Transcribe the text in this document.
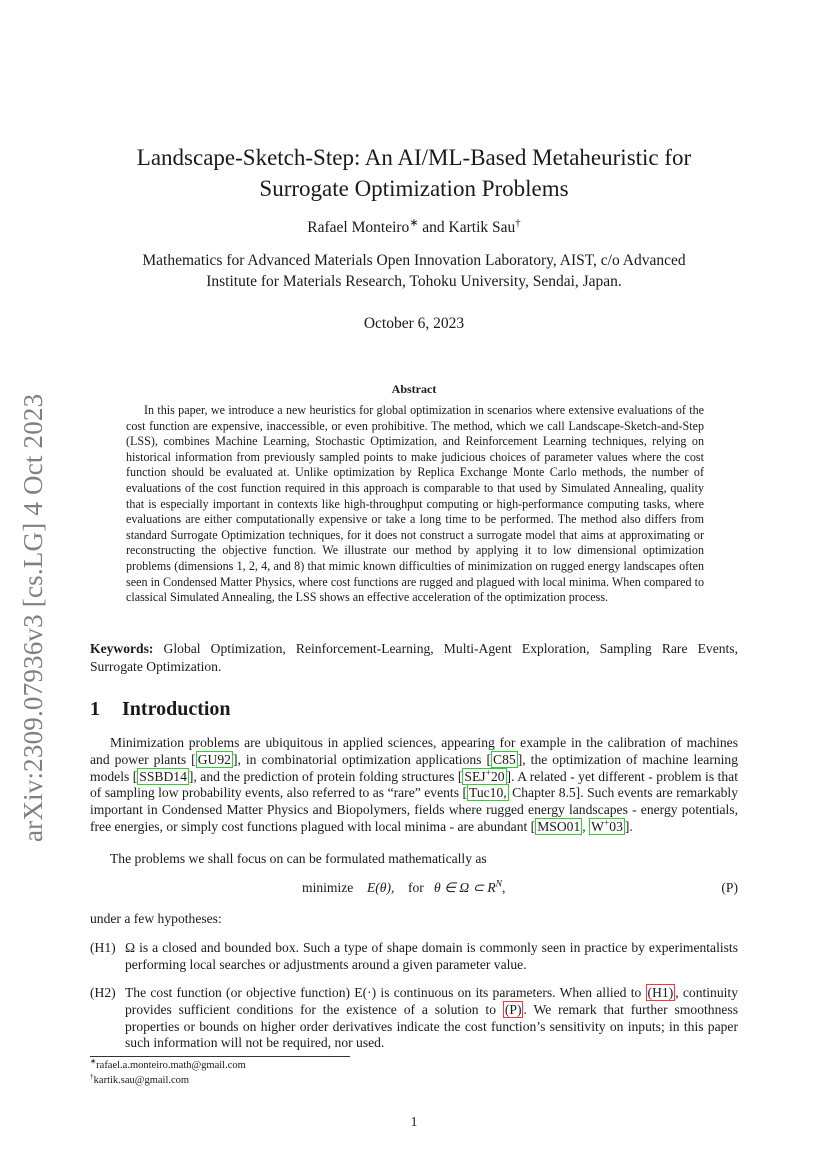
arXiv:2309.07936v3 [cs.LG] 4 Oct 2023
Landscape-Sketch-Step: An AI/ML-Based Metaheuristic for
Surrogate Optimization Problems
Rafael Monteiro∗ and Kartik Sau†
Mathematics for Advanced Materials Open Innovation Laboratory, AIST, c/o Advanced
Institute for Materials Research, Tohoku University, Sendai, Japan.
October 6, 2023
Abstract
In this paper, we introduce a new heuristics for global optimization in scenarios where extensive evaluations of the cost function are expensive, inaccessible, or even prohibitive. The method, which we call Landscape-Sketch-and-Step (LSS), combines Machine Learning, Stochastic Optimization, and Reinforcement Learning techniques, relying on historical information from previously sampled points to make judicious choices of parameter values where the cost function should be evaluated at. Unlike optimization by Replica Exchange Monte Carlo methods, the number of evaluations of the cost function required in this approach is comparable to that used by Simulated Annealing, quality that is especially important in contexts like high-throughput computing or high-performance computing tasks, where evaluations are either computationally expensive or take a long time to be performed. The method also differs from standard Surrogate Optimization techniques, for it does not construct a surrogate model that aims at approximating or reconstructing the objective function. We illustrate our method by applying it to low dimensional optimization problems (dimensions 1, 2, 4, and 8) that mimic known difficulties of minimization on rugged energy landscapes often seen in Condensed Matter Physics, where cost functions are rugged and plagued with local minima. When compared to classical Simulated Annealing, the LSS shows an effective acceleration of the optimization process.
Keywords: Global Optimization, Reinforcement-Learning, Multi-Agent Exploration, Sampling Rare Events, Surrogate Optimization.
1 Introduction
Minimization problems are ubiquitous in applied sciences, appearing for example in the calibration of machines and power plants [ GU92 ], in combinatorial optimization applications [ C85 ], the optimization of machine learning models [ SSBD14 ], and the prediction of protein folding structures [ SEJ+20 ]. A related - yet different - problem is that of sampling low probability events, also referred to as “rare” events [ Tuc10, Chapter 8.5]. Such events are remarkably important in Condensed Matter Physics and Biopolymers, fields where rugged energy landscapes - energy potentials, free energies, or simply cost functions plagued with local minima - are abundant [ MSO01 , W+03 ].
The problems we shall focus on can be formulated mathematically as
minimize E(θ), for θ ∈ Ω ⊂ $R^N$,	(P)
under a few hypotheses:
(H1) Ω is a closed and bounded box. Such a type of shape domain is commonly seen in practice by experimentalists performing local searches or adjustments around a given parameter value.
(H2) The cost function (or objective function) E(·) is continuous on its parameters. When allied to (H1) , continuity provides sufficient conditions for the existence of a solution to (P) . We remark that further smoothness properties or bounds on higher order derivatives indicate the cost function’s sensitivity on inputs; in this paper such information will not be required, nor used.
∗rafael.a.monteiro.math@gmail.com
†kartik.sau@gmail.com
1
